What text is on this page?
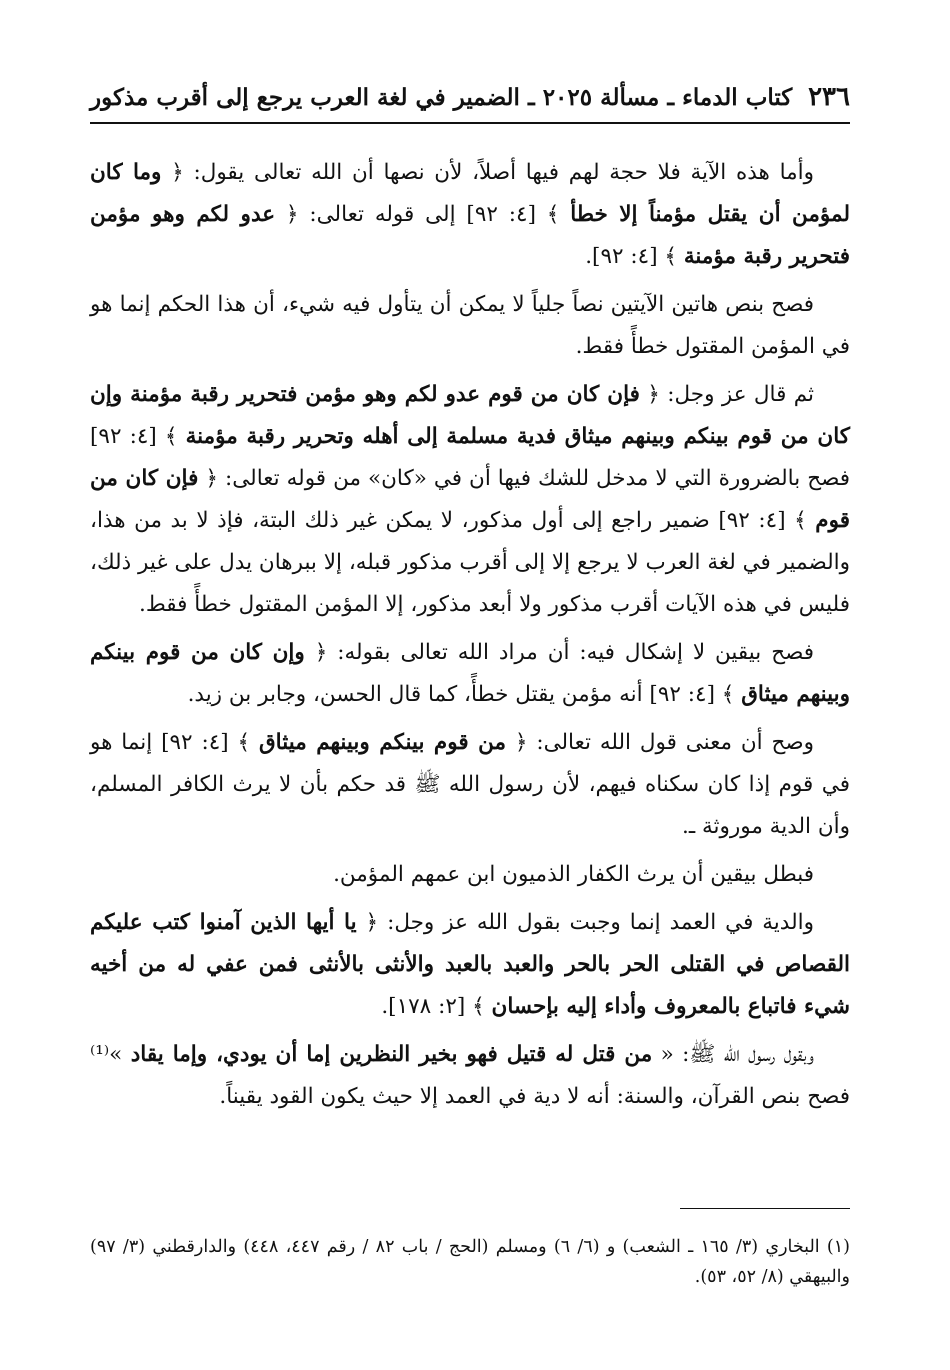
٢٣٦
كتاب الدماء ـ مسألة ٢٠٢٥ ـ الضمير في لغة العرب يرجع إلى أقرب مذكور

وأما هذه الآية فلا حجة لهم فيها أصلاً، لأن نصها أن الله تعالى يقول: ﴿ وما كان لمؤمن أن يقتل مؤمناً إلا خطأ ﴾ [٤: ٩٢] إلى قوله تعالى: ﴿ عدو لكم وهو مؤمن فتحرير رقبة مؤمنة ﴾ [٤: ٩٢].

فصح بنص هاتين الآيتين نصاً جلياً لا يمكن أن يتأول فيه شيء، أن هذا الحكم إنما هو في المؤمن المقتول خطأً فقط.

ثم قال عز وجل: ﴿ فإن كان من قوم عدو لكم وهو مؤمن فتحرير رقبة مؤمنة وإن كان من قوم بينكم وبينهم ميثاق فدية مسلمة إلى أهله وتحرير رقبة مؤمنة ﴾ [٤: ٩٢] فصح بالضرورة التي لا مدخل للشك فيها أن في «كان» من قوله تعالى: ﴿ فإن كان من قوم ﴾ [٤: ٩٢] ضمير راجع إلى أول مذكور، لا يمكن غير ذلك البتة، فإذ لا بد من هذا، والضمير في لغة العرب لا يرجع إلا إلى أقرب مذكور قبله، إلا ببرهان يدل على غير ذلك، فليس في هذه الآيات أقرب مذكور ولا أبعد مذكور، إلا المؤمن المقتول خطأً فقط.

فصح بيقين لا إشكال فيه: أن مراد الله تعالى بقوله: ﴿ وإن كان من قوم بينكم وبينهم ميثاق ﴾ [٤: ٩٢] أنه مؤمن يقتل خطأً، كما قال الحسن، وجابر بن زيد.

وصح أن معنى قول الله تعالى: ﴿ من قوم بينكم وبينهم ميثاق ﴾ [٤: ٩٢] إنما هو في قوم إذا كان سكناه فيهم، لأن رسول الله ﷺ قد حكم بأن لا يرث الكافر المسلم، وأن الدية موروثة ـ.

فبطل بيقين أن يرث الكفار الذميون ابن عمهم المؤمن.

والدية في العمد إنما وجبت بقول الله عز وجل: ﴿ يا أيها الذين آمنوا كتب عليكم القصاص في القتلى الحر بالحر والعبد بالعبد والأنثى بالأنثى فمن عفي له من أخيه شيء فاتباع بالمعروف وأداء إليه بإحسان ﴾ [٢: ١٧٨].

وبقول رسول الله ﷺ: « من قتل له قتيل فهو بخير النظرين إما أن يودي، وإما يقاد »⁽¹⁾ فصح بنص القرآن، والسنة: أنه لا دية في العمد إلا حيث يكون القود يقيناً.

(١) البخاري (٣/ ١٦٥ ـ الشعب) و (٦/ ٦) ومسلم (الحج / باب ٨٢ / رقم ٤٤٧، ٤٤٨) والدارقطني (٣/ ٩٧) والبيهقي (٨/ ٥٢، ٥٣).
